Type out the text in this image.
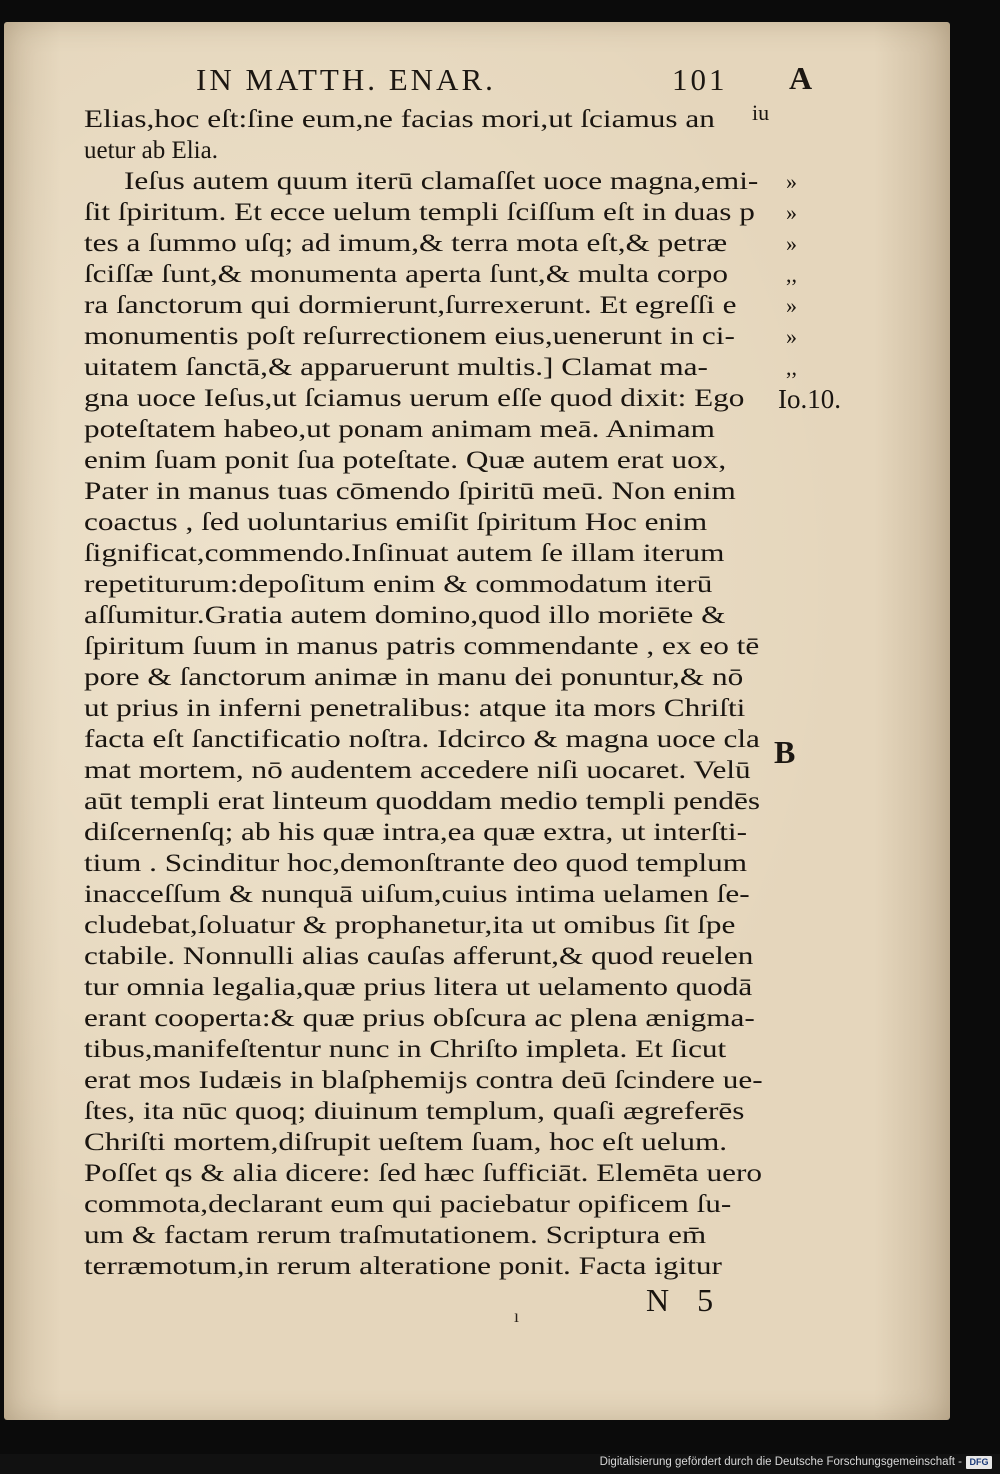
IN MATTH. ENAR.	101 A
B
iu
Elias,hoc eſt:ſine eum,ne facias mori,ut ſciamus an
uetur ab Elia.
Ieſus autem quum iterū clamaſſet uoce magna,emi-
ſit ſpiritum. Et ecce uelum templi ſciſſum eſt in duas p
tes a ſummo uſq; ad imum,& terra mota eſt,& petræ
ſciſſæ ſunt,& monumenta aperta ſunt,& multa corpo
ra ſanctorum qui dormierunt,ſurrexerunt. Et egreſſi e
monumentis poſt reſurrectionem eius,uenerunt in ci-
uitatem ſanctā,& apparuerunt multis.] Clamat ma-
gna uoce Ieſus,ut ſciamus uerum eſſe quod dixit: Ego
poteſtatem habeo,ut ponam animam meā. Animam
enim ſuam ponit ſua poteſtate. Quæ autem erat uox,
Pater in manus tuas cōmendo ſpiritū meū. Non enim
coactus , ſed uoluntarius emiſit ſpiritum Hoc enim
ſignificat,commendo.Inſinuat autem ſe illam iterum
repetiturum:depoſitum enim & commodatum iterū
aſſumitur.Gratia autem domino,quod illo moriēte &
ſpiritum ſuum in manus patris commendante , ex eo tē
pore & ſanctorum animæ in manu dei ponuntur,& nō
ut prius in inferni penetralibus: atque ita mors Chriſti
facta eſt ſanctificatio noſtra. Idcirco & magna uoce cla
mat mortem, nō audentem accedere niſi uocaret. Velū
aūt templi erat linteum quoddam medio templi pendēs
diſcernenſq; ab his quæ intra,ea quæ extra, ut interſti-
tium . Scinditur hoc,demonſtrante deo quod templum
inacceſſum & nunquā uiſum,cuius intima uelamen ſe-
cludebat,ſoluatur & prophanetur,ita ut omibus ſit ſpe
ctabile. Nonnulli alias cauſas afferunt,& quod reuelen
tur omnia legalia,quæ prius litera ut uelamento quodā
erant cooperta:& quæ prius obſcura ac plena ænigma-
tibus,manifeſtentur nunc in Chriſto impleta. Et ſicut
erat mos Iudæis in blaſphemijs contra deū ſcindere ue-
ſtes, ita nūc quoq; diuinum templum, quaſi ægreferēs
Chriſti mortem,diſrupit ueſtem ſuam, hoc eſt uelum.
Poſſet qs & alia dicere: ſed hæc ſufficiāt. Elemēta uero
commota,declarant eum qui paciebatur opificem ſu-
um & factam rerum traſmutationem. Scriptura em̄
terræmotum,in rerum alteratione ponit. Facta igitur
»
»
»
,,
»
»
,,
Io.10.
N 5
ı
Digitalisierung gefördert durch die Deutsche Forschungsgemeinschaft - DFG
